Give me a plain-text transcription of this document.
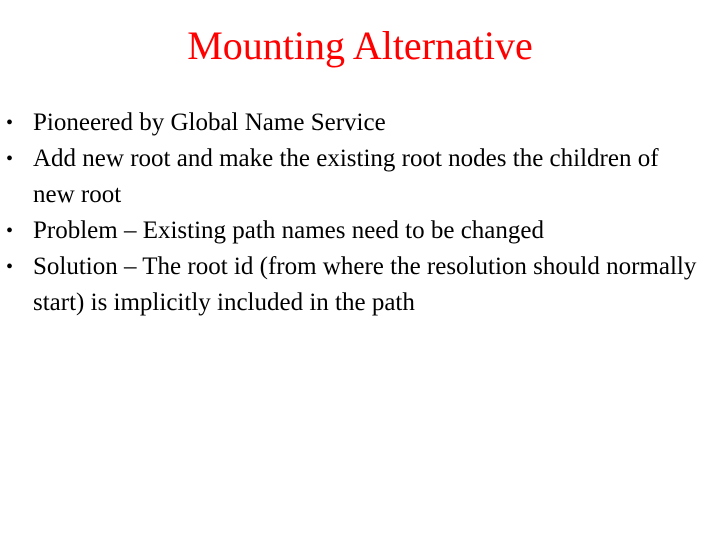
Mounting Alternative
• Pioneered by Global Name Service
• Add new root and make the existing root nodes the children of new root
• Problem – Existing path names need to be changed
• Solution – The root id (from where the resolution should normally start) is implicitly included in the path
